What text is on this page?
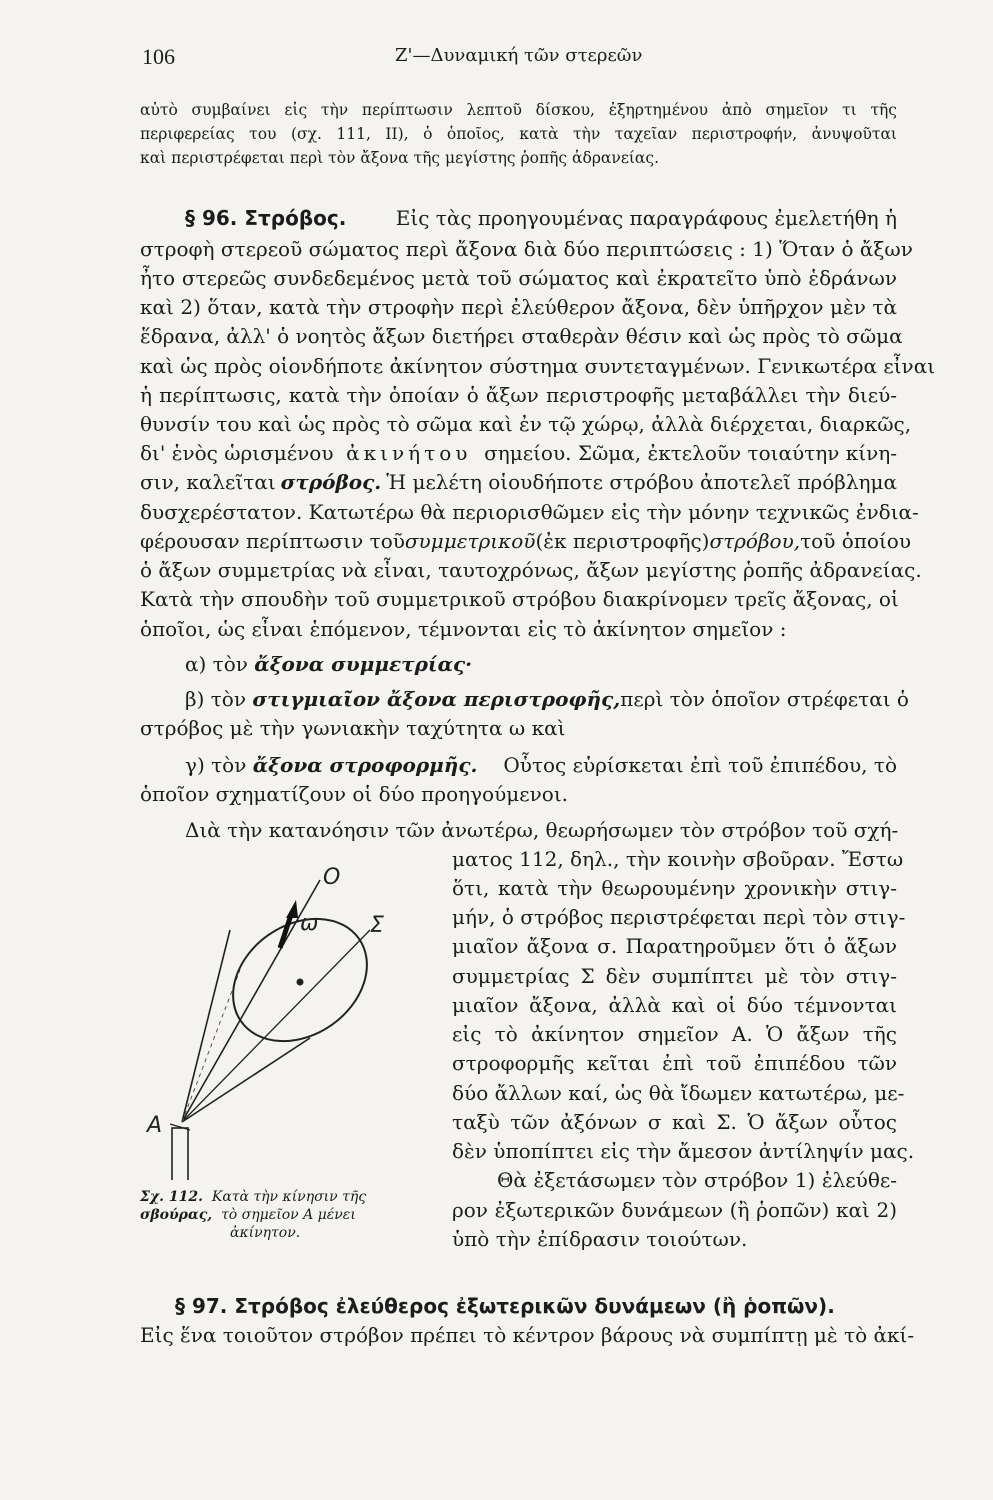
106	Ζ'—Δυναμική τῶν στερεῶν
αὐτὸ συμβαίνει εἰς τὴν περίπτωσιν λεπτοῦ δίσκου, ἐξηρτημένου ἀπὸ σημεῖον τι τῆς
περιφερείας του (σχ. 111, II), ὁ ὁποῖος, κατὰ τὴν ταχεῖαν περιστροφήν, ἀνυψοῦται
καὶ περιστρέφεται περὶ τὸν ἄξονα τῆς μεγίστης ῥοπῆς ἀδρανείας.
§ 96. Στρόβος. Εἰς τὰς προηγουμένας παραγράφους ἐμελετήθη ἡ
στροφὴ στερεοῦ σώματος περὶ ἄξονα διὰ δύο περιπτώσεις : 1) Ὅταν ὁ ἄξων
ἦτο στερεῶς συνδεδεμένος μετὰ τοῦ σώματος καὶ ἐκρατεῖτο ὑπὸ ἑδράνων
καὶ 2) ὅταν, κατὰ τὴν στροφὴν περὶ ἐλεύθερον ἄξονα, δὲν ὑπῆρχον μὲν τὰ
ἕδρανα, ἀλλ' ὁ νοητὸς ἄξων διετήρει σταθερὰν θέσιν καὶ ὡς πρὸς τὸ σῶμα
καὶ ὡς πρὸς οἱονδήποτε ἀκίνητον σύστημα συντεταγμένων. Γενικωτέρα εἶναι
ἡ περίπτωσις, κατὰ τὴν ὁποίαν ὁ ἄξων περιστροφῆς μεταβάλλει τὴν διεύ-
θυνσίν του καὶ ὡς πρὸς τὸ σῶμα καὶ ἐν τῷ χώρῳ, ἀλλὰ διέρχεται, διαρκῶς,
δι' ἑνὸς ὡρισμένου ἀκινήτου σημείου. Σῶμα, ἐκτελοῦν τοιαύτην κίνη-
σιν, καλεῖται στρόβος. Ἡ μελέτη οἱουδήποτε στρόβου ἀποτελεῖ πρόβλημα
δυσχερέστατον. Κατωτέρω θὰ περιορισθῶμεν εἰς τὴν μόνην τεχνικῶς ἐνδια-
φέρουσαν περίπτωσιν τοῦ συμμετρικοῦ (ἐκ περιστροφῆς) στρόβου, τοῦ ὁποίου
ὁ ἄξων συμμετρίας νὰ εἶναι, ταυτοχρόνως, ἄξων μεγίστης ῥοπῆς ἀδρανείας.
Κατὰ τὴν σπουδὴν τοῦ συμμετρικοῦ στρόβου διακρίνομεν τρεῖς ἄξονας, οἱ
ὁποῖοι, ὡς εἶναι ἑπόμενον, τέμνονται εἰς τὸ ἀκίνητον σημεῖον :
α) τὸν ἄξονα συμμετρίας·
β) τὸν στιγμιαῖον ἄξονα περιστροφῆς, περὶ τὸν ὁποῖον στρέφεται ὁ
στρόβος μὲ τὴν γωνιακὴν ταχύτητα ω καὶ
γ) τὸν ἄξονα στροφορμῆς. Οὗτος εὑρίσκεται ἐπὶ τοῦ ἐπιπέδου, τὸ
ὁποῖον σχηματίζουν οἱ δύο προηγούμενοι.
Διὰ τὴν κατανόησιν τῶν ἀνωτέρω, θεωρήσωμεν τὸν στρόβον τοῦ σχή-
ματος 112, δηλ., τὴν κοινὴν σβοῦραν. Ἔστω
ὅτι, κατὰ τὴν θεωρουμένην χρονικὴν στιγ-
μήν, ὁ στρόβος περιστρέφεται περὶ τὸν στιγ-
μιαῖον ἄξονα σ. Παρατηροῦμεν ὅτι ὁ ἄξων
συμμετρίας Σ δὲν συμπίπτει μὲ τὸν στιγ-
μιαῖον ἄξονα, ἀλλὰ καὶ οἱ δύο τέμνονται
εἰς τὸ ἀκίνητον σημεῖον A. Ὁ ἄξων τῆς
στροφορμῆς κεῖται ἐπὶ τοῦ ἐπιπέδου τῶν
δύο ἄλλων καί, ὡς θὰ ἴδωμεν κατωτέρω, με-
ταξὺ τῶν ἀξόνων σ καὶ Σ. Ὁ ἄξων οὗτος
δὲν ὑποπίπτει εἰς τὴν ἄμεσον ἀντίληψίν μας.
Θὰ ἐξετάσωμεν τὸν στρόβον 1) ἐλεύθε-
ρον ἐξωτερικῶν δυνάμεων (ἢ ῥοπῶν) καὶ 2)
ὑπὸ τὴν ἐπίδρασιν τοιούτων.
O
ω Σ
A
Σχ. 112. Κατὰ τὴν κίνησιν τῆς
σβούρας, τὸ σημεῖον A μένει
ἀκίνητον.
§ 97. Στρόβος ἐλεύθερος ἐξωτερικῶν δυνάμεων (ἢ ῥοπῶν).
Εἰς ἕνα τοιοῦτον στρόβον πρέπει τὸ κέντρον βάρους νὰ συμπίπτῃ μὲ τὸ ἀκί-
